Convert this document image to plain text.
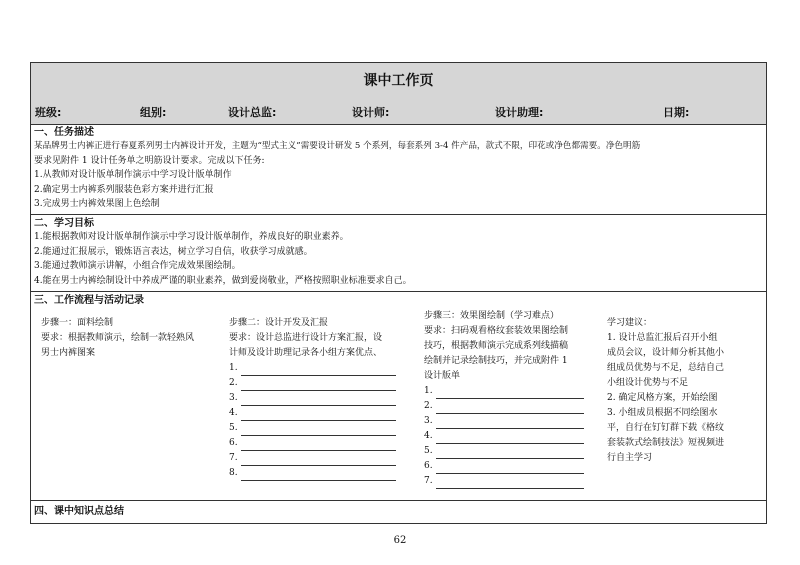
课中工作页
班级:	组别:	设计总监:	设计师:	设计助理:	日期:
一、任务描述

某品牌男士内裤正进行春夏系列男士内裤设计开发，主题为“型式主义”需要设计研发 5 个系列，每套系列 3-4 件产品，款式不限，印花或净色都需要。净色明筋

要求见附件 1 设计任务单之明筋设计要求。完成以下任务:

1.从教师对设计版单制作演示中学习设计版单制作

2.确定男士内裤系列服装色彩方案并进行汇报

3.完成男士内裤效果图上色绘制

二、学习目标

1.能根据教师对设计版单制作演示中学习设计版单制作，养成良好的职业素养。

2.能通过汇报展示，锻炼语言表达，树立学习自信，收获学习成就感。

3.能通过教师演示讲解，小组合作完成效果图绘制。

4.能在男士内裤绘制设计中养成严谨的职业素养，做到爱岗敬业，严格按照职业标准要求自己。

三、工作流程与活动记录

步骤一：面料绘制

要求：根据教师演示，绘制一款轻熟风

男士内裤图案

步骤二：设计开发及汇报

要求：设计总监进行设计方案汇报，设

计师及设计助理记录各小组方案优点、

1.
2.
3.
4.
5.
6.
7.
8.

步骤三：效果图绘制（学习难点）

要求：扫码观看格纹套装效果图绘制

技巧，根据教师演示完成系列线描稿

绘制并记录绘制技巧，并完成附件 1

设计版单

1.
2.
3.
4.
5.
6.
7.

学习建议：

1. 设计总监汇报后召开小组

成员会议，设计师分析其他小

组成员优势与不足，总结自己

小组设计优势与不足

2. 确定风格方案，开始绘图

3. 小组成员根据不同绘图水

平，自行在钉钉群下载《格纹

套装款式绘制技法》短视频进

行自主学习

四、课中知识点总结
62
